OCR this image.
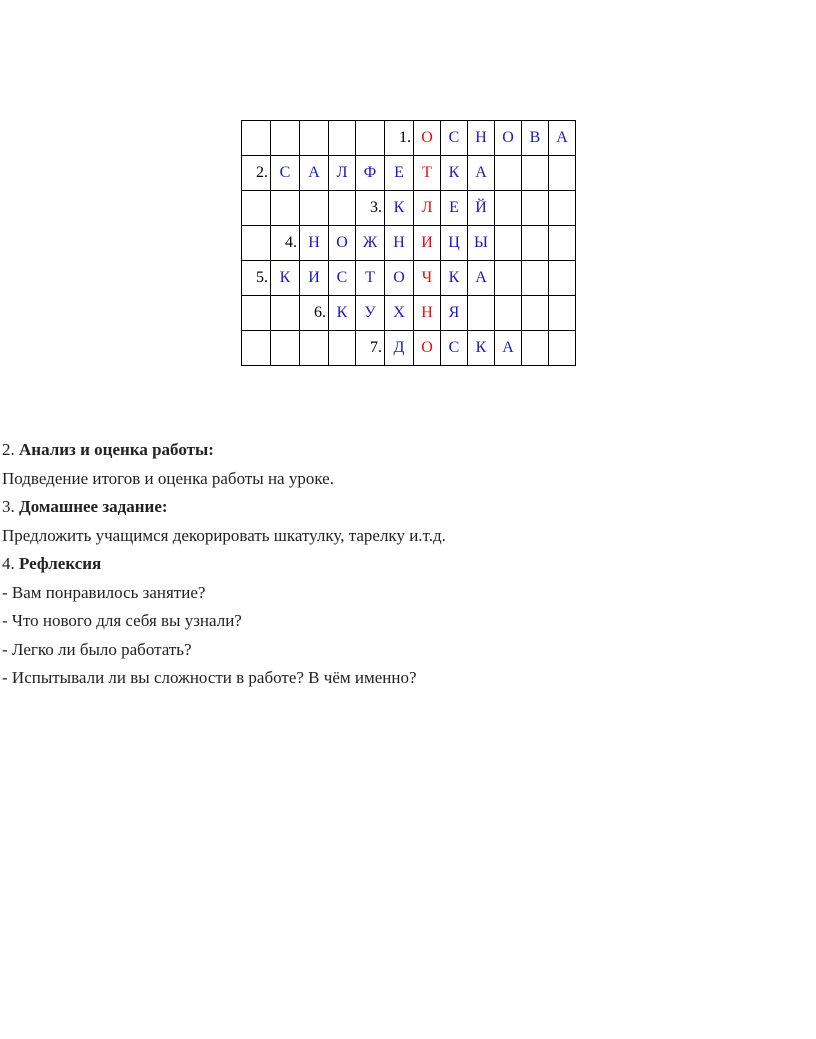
					1.	О	С	Н	О	В	А
2.	С	А	Л	Ф	Е	Т	К	А			
				3.	К	Л	Е	Й			
	4.	Н	О	Ж	Н	И	Ц	Ы			
5.	К	И	С	Т	О	Ч	К	А			
		6.	К	У	Х	Н	Я				
				7.	Д	О	С	К	А		

2. Анализ и оценка работы:

Подведение итогов и оценка работы на уроке.

3. Домашнее задание:

Предложить учащимся декорировать шкатулку, тарелку и.т.д.

4. Рефлексия

- Вам понравилось занятие?

- Что нового для себя вы узнали?

- Легко ли было работать?

- Испытывали ли вы сложности в работе? В чём именно?
